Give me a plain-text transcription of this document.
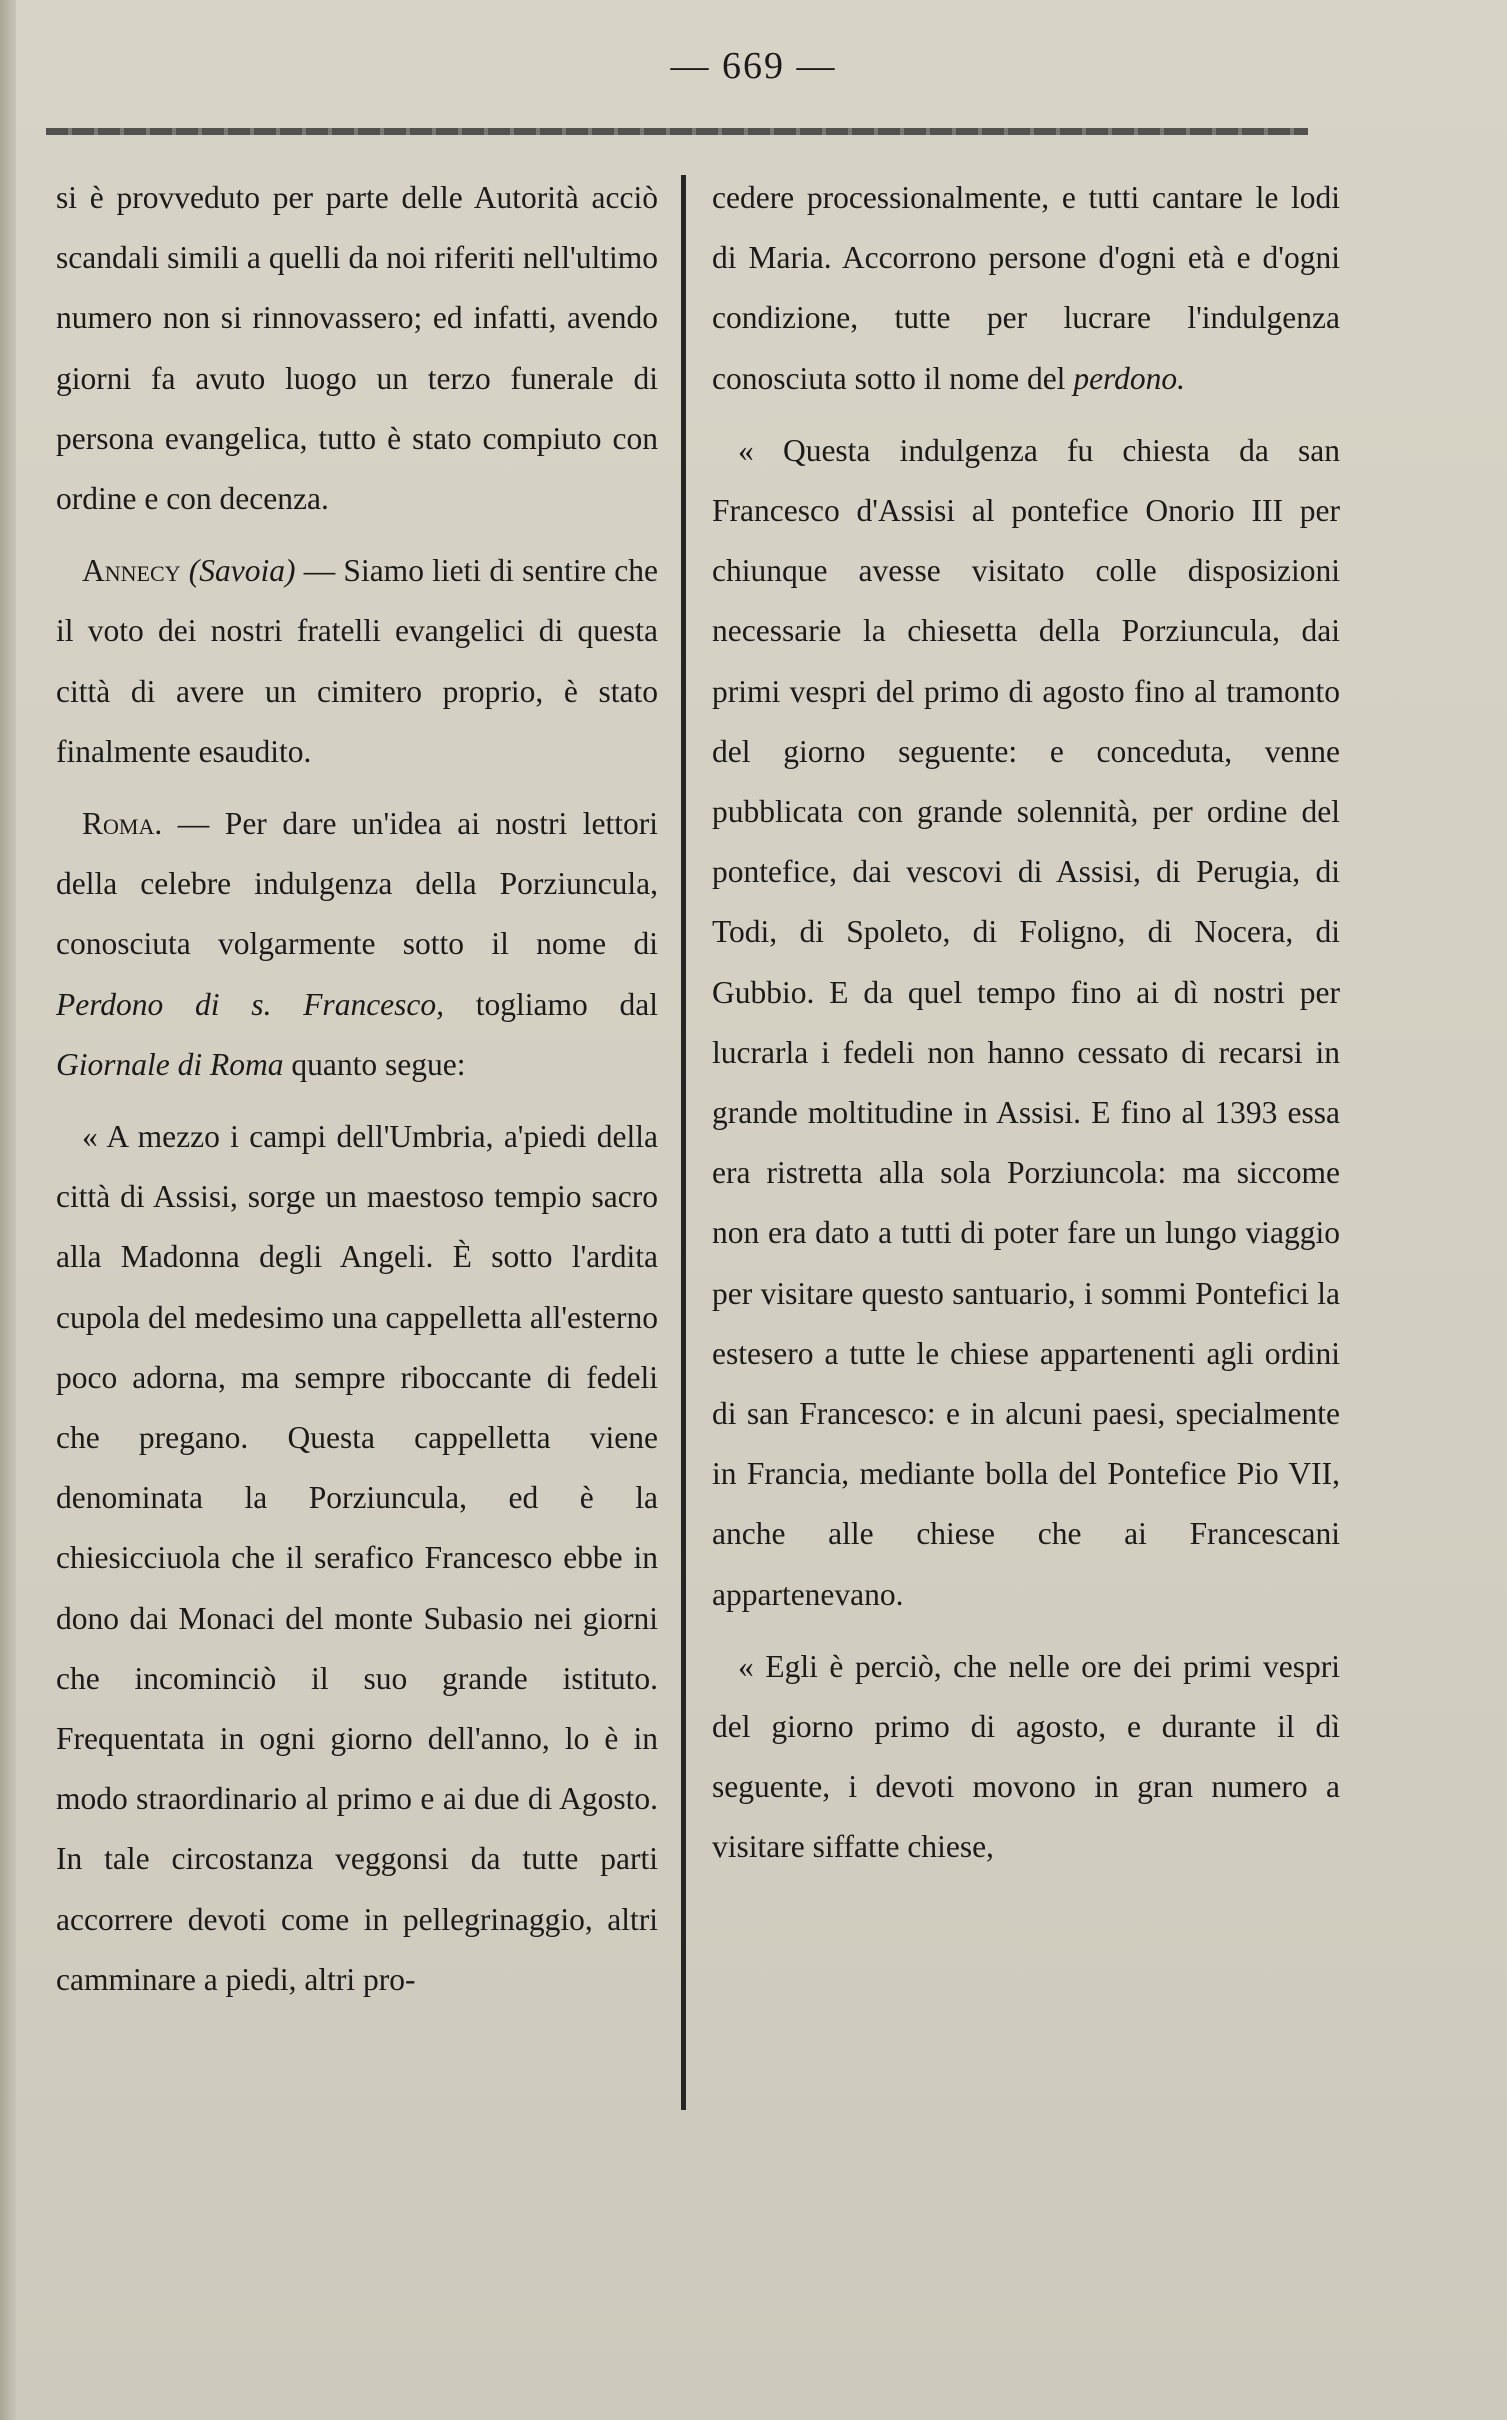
— 669 —

si è provveduto per parte delle Autorità acciò scandali simili a quelli da noi riferiti nell'ultimo numero non si rinnovassero; ed infatti, avendo giorni fa avuto luogo un terzo funerale di persona evangelica, tutto è stato compiuto con ordine e con decenza.

Annecy (Savoia) — Siamo lieti di sentire che il voto dei nostri fratelli evangelici di questa città di avere un cimitero proprio, è stato finalmente esaudito.

Roma. — Per dare un'idea ai nostri lettori della celebre indulgenza della Porziuncula, conosciuta volgarmente sotto il nome di Perdono di s. Francesco, togliamo dal Giornale di Roma quanto segue:

« A mezzo i campi dell'Umbria, a'piedi della città di Assisi, sorge un maestoso tempio sacro alla Madonna degli Angeli. È sotto l'ardita cupola del medesimo una cappelletta all'esterno poco adorna, ma sempre riboccante di fedeli che pregano. Questa cappelletta viene denominata la Porziuncula, ed è la chiesicciuola che il serafico Francesco ebbe in dono dai Monaci del monte Subasio nei giorni che incominciò il suo grande istituto. Frequentata in ogni giorno dell'anno, lo è in modo straordinario al primo e ai due di Agosto. In tale circostanza veggonsi da tutte parti accorrere devoti come in pellegrinaggio, altri camminare a piedi, altri pro-

cedere processionalmente, e tutti cantare le lodi di Maria. Accorrono persone d'ogni età e d'ogni condizione, tutte per lucrare l'indulgenza conosciuta sotto il nome del perdono.

« Questa indulgenza fu chiesta da san Francesco d'Assisi al pontefice Onorio III per chiunque avesse visitato colle disposizioni necessarie la chiesetta della Porziuncula, dai primi vespri del primo di agosto fino al tramonto del giorno seguente: e conceduta, venne pubblicata con grande solennità, per ordine del pontefice, dai vescovi di Assisi, di Perugia, di Todi, di Spoleto, di Foligno, di Nocera, di Gubbio. E da quel tempo fino ai dì nostri per lucrarla i fedeli non hanno cessato di recarsi in grande moltitudine in Assisi. E fino al 1393 essa era ristretta alla sola Porziuncola: ma siccome non era dato a tutti di poter fare un lungo viaggio per visitare questo santuario, i sommi Pontefici la estesero a tutte le chiese appartenenti agli ordini di san Francesco: e in alcuni paesi, specialmente in Francia, mediante bolla del Pontefice Pio VII, anche alle chiese che ai Francescani appartenevano.

« Egli è perciò, che nelle ore dei primi vespri del giorno primo di agosto, e durante il dì seguente, i devoti movono in gran numero a visitare siffatte chiese,
